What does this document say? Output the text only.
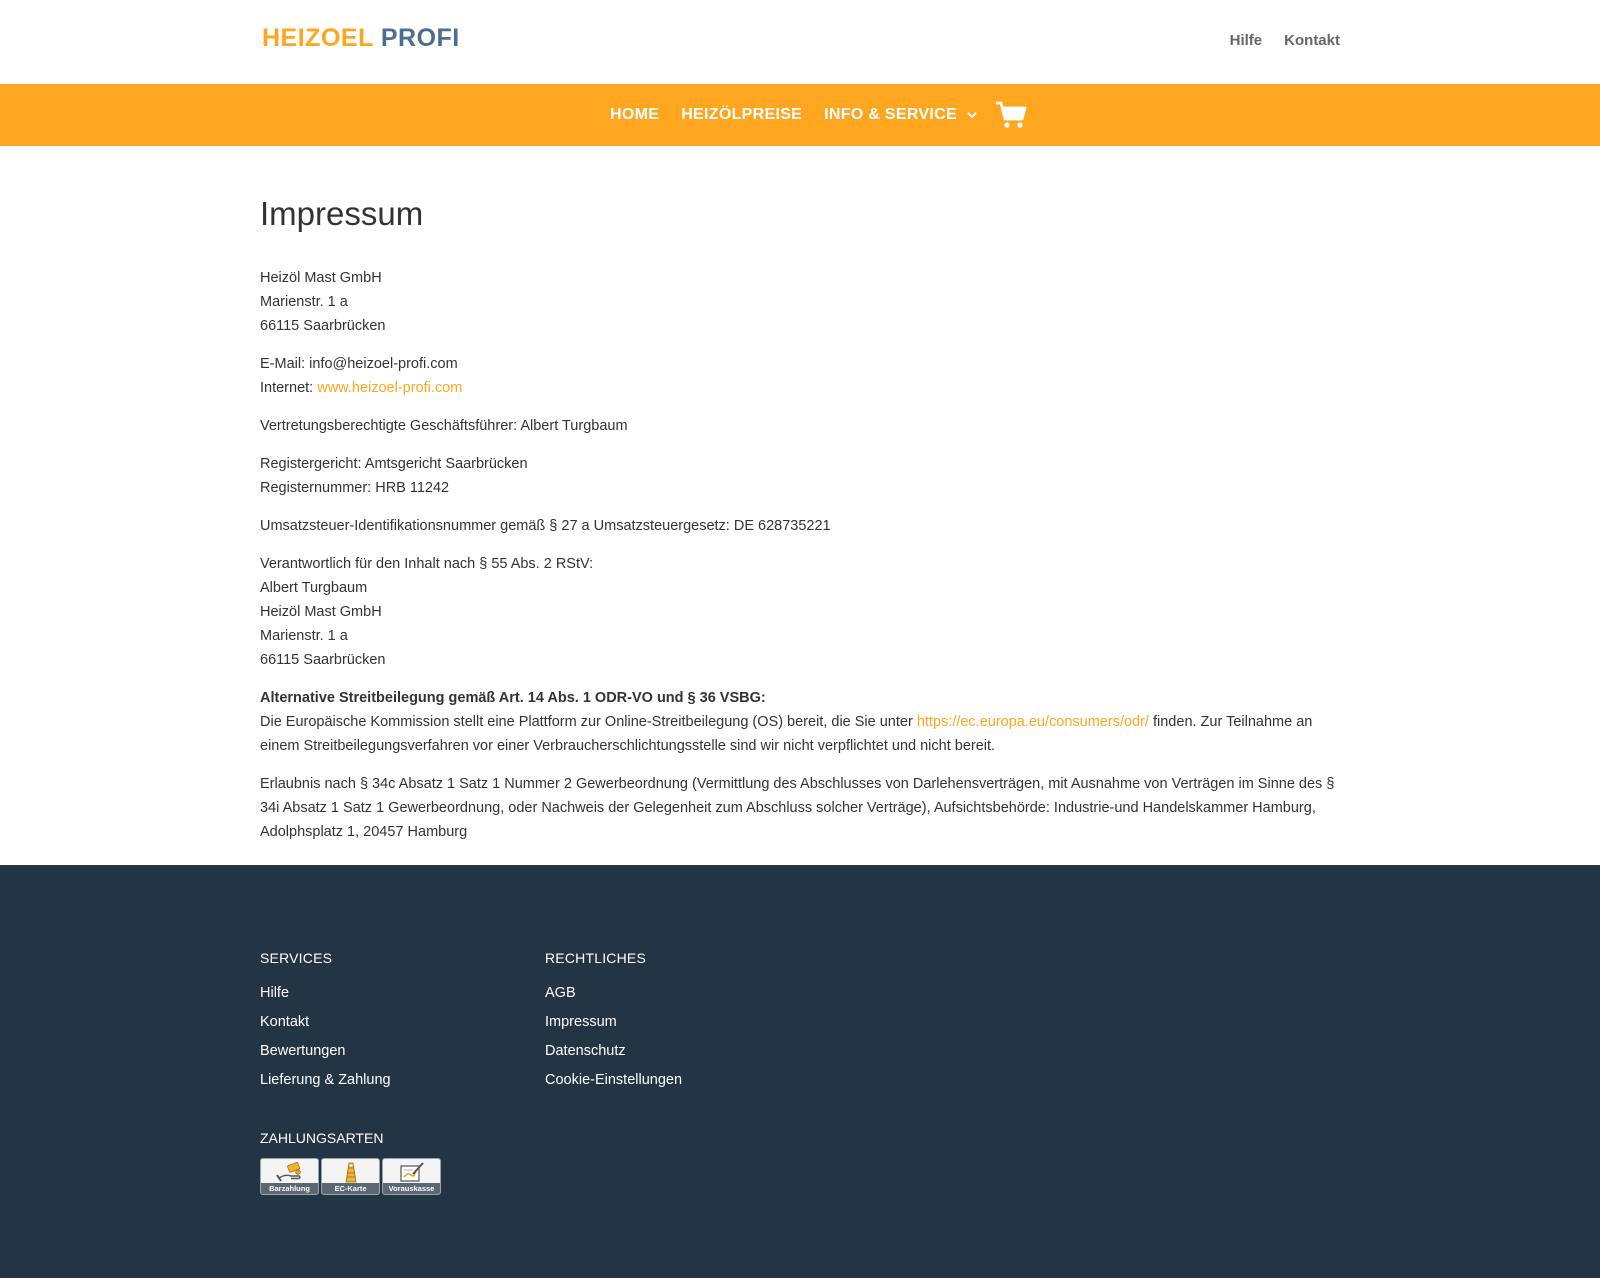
HEIZOEL PROFI	Hilfe Kontakt
HOME HEIZÖLPREISE INFO & SERVICE
Impressum

Heizöl Mast GmbH
Marienstr. 1 a
66115 Saarbrücken

E-Mail: info@heizoel-profi.com
Internet: www.heizoel-profi.com

Vertretungsberechtigte Geschäftsführer: Albert Turgbaum

Registergericht: Amtsgericht Saarbrücken
Registernummer: HRB 11242

Umsatzsteuer-Identifikationsnummer gemäß § 27 a Umsatzsteuergesetz: DE 628735221

Verantwortlich für den Inhalt nach § 55 Abs. 2 RStV:
Albert Turgbaum
Heizöl Mast GmbH
Marienstr. 1 a
66115 Saarbrücken

Alternative Streitbeilegung gemäß Art. 14 Abs. 1 ODR-VO und § 36 VSBG:
Die Europäische Kommission stellt eine Plattform zur Online-Streitbeilegung (OS) bereit, die Sie unter https://ec.europa.eu/consumers/odr/ finden. Zur Teilnahme an einem Streitbeilegungsverfahren vor einer Verbraucherschlichtungsstelle sind wir nicht verpflichtet und nicht bereit.

Erlaubnis nach § 34c Absatz 1 Satz 1 Nummer 2 Gewerbeordnung (Vermittlung des Abschlusses von Darlehensverträgen, mit Ausnahme von Verträgen im Sinne des § 34i Absatz 1 Satz 1 Gewerbeordnung, oder Nachweis der Gelegenheit zum Abschluss solcher Verträge), Aufsichtsbehörde: Industrie-und Handelskammer Hamburg, Adolphsplatz 1, 20457 Hamburg

SERVICES
Hilfe
Kontakt
Bewertungen
Lieferung & Zahlung
RECHTLICHES
AGB
Impressum
Datenschutz
Cookie-Einstellungen
ZAHLUNGSARTEN
Barzahlung	EC-Karte	Vorauskasse
